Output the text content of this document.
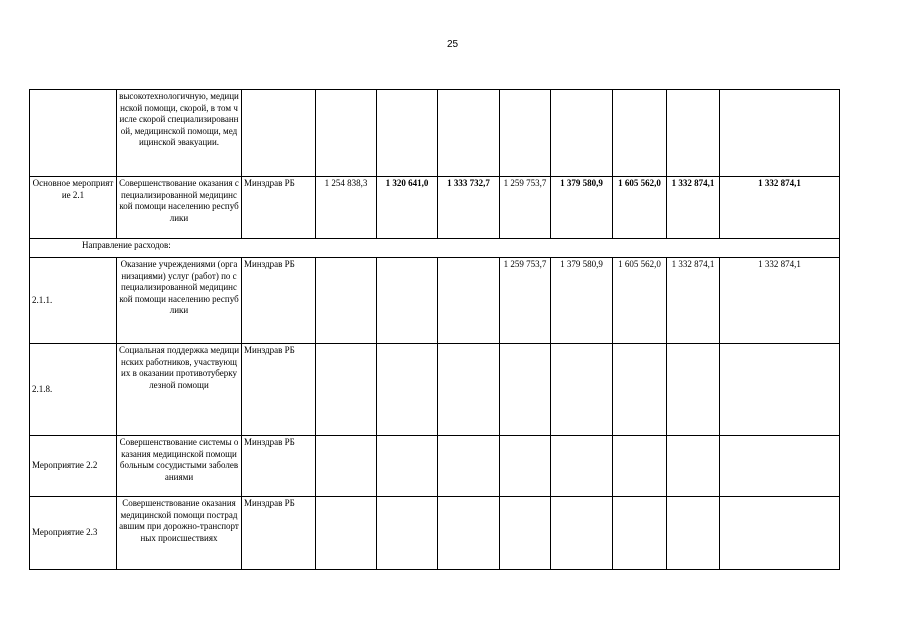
25
	высокотехнологичную, медицинской помощи, скорой, в том числе скорой специализированной, медицинской помощи, медицинской эвакуации.									
Основное мероприятие 2.1	Совершенствование оказания специализированной медицинской помощи населению республики	Минздрав РБ	1 254 838,3	1 320 641,0	1 333 732,7	1 259 753,7	1 379 580,9	1 605 562,0	1 332 874,1	1 332 874,1
Направление расходов:										
2.1.1.	Оказание учреждениями (организациями) услуг (работ) по специализированной медицинской помощи населению республики	Минздрав РБ				1 259 753,7	1 379 580,9	1 605 562,0	1 332 874,1	1 332 874,1
2.1.8.	Социальная поддержка медицинских работников, участвующих в оказании противотуберкулезной помощи	Минздрав РБ								
Мероприятие 2.2	Совершенствование системы оказания медицинской помощи больным сосудистыми заболеваниями	Минздрав РБ								
Мероприятие 2.3	Совершенствование оказания медицинской помощи пострадавшим при дорожно-транспортных происшествиях	Минздрав РБ								
